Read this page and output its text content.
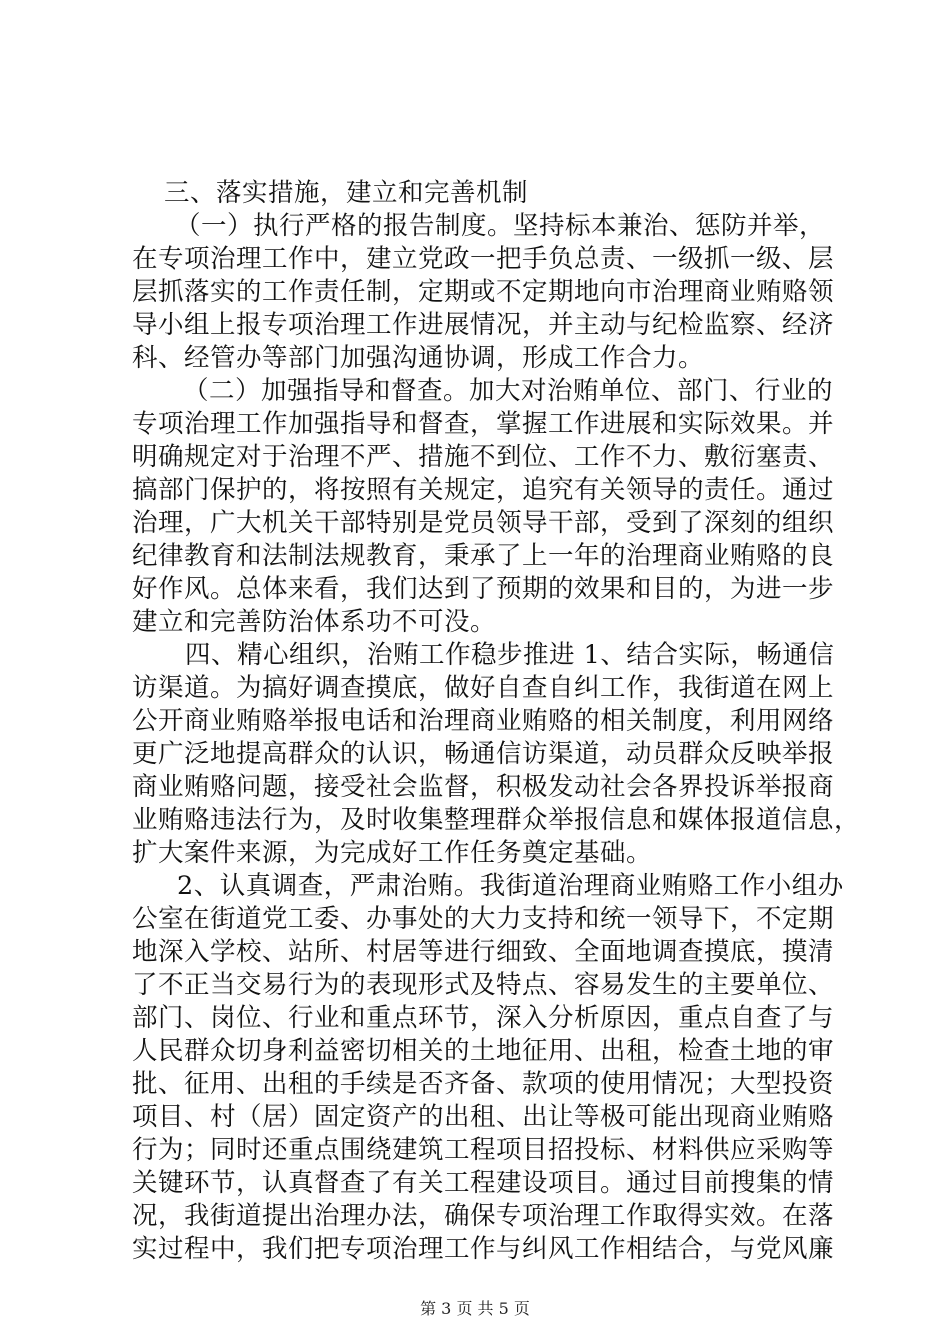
三、落实措施，建立和完善机制
（一）执行严格的报告制度。坚持标本兼治、惩防并举，
在专项治理工作中，建立党政一把手负总责、一级抓一级、层
层抓落实的工作责任制，定期或不定期地向市治理商业贿赂领
导小组上报专项治理工作进展情况，并主动与纪检监察、经济
科、经管办等部门加强沟通协调，形成工作合力。
（二）加强指导和督查。加大对治贿单位、部门、行业的
专项治理工作加强指导和督查，掌握工作进展和实际效果。并
明确规定对于治理不严、措施不到位、工作不力、敷衍塞责、
搞部门保护的，将按照有关规定，追究有关领导的责任。通过
治理，广大机关干部特别是党员领导干部，受到了深刻的组织
纪律教育和法制法规教育，秉承了上一年的治理商业贿赂的良
好作风。总体来看，我们达到了预期的效果和目的，为进一步
建立和完善防治体系功不可没。
四、精心组织，治贿工作稳步推进 1、结合实际，畅通信
访渠道。为搞好调查摸底，做好自查自纠工作，我街道在网上
公开商业贿赂举报电话和治理商业贿赂的相关制度，利用网络
更广泛地提高群众的认识，畅通信访渠道，动员群众反映举报
商业贿赂问题，接受社会监督，积极发动社会各界投诉举报商
业贿赂违法行为，及时收集整理群众举报信息和媒体报道信息，
扩大案件来源，为完成好工作任务奠定基础。
2、认真调查，严肃治贿。我街道治理商业贿赂工作小组办
公室在街道党工委、办事处的大力支持和统一领导下，不定期
地深入学校、站所、村居等进行细致、全面地调查摸底，摸清
了不正当交易行为的表现形式及特点、容易发生的主要单位、
部门、岗位、行业和重点环节，深入分析原因，重点自查了与
人民群众切身利益密切相关的土地征用、出租，检查土地的审
批、征用、出租的手续是否齐备、款项的使用情况；大型投资
项目、村（居）固定资产的出租、出让等极可能出现商业贿赂
行为；同时还重点围绕建筑工程项目招投标、材料供应采购等
关键环节，认真督查了有关工程建设项目。通过目前搜集的情
况，我街道提出治理办法，确保专项治理工作取得实效。在落
实过程中，我们把专项治理工作与纠风工作相结合，与党风廉
第 3 页 共 5 页
